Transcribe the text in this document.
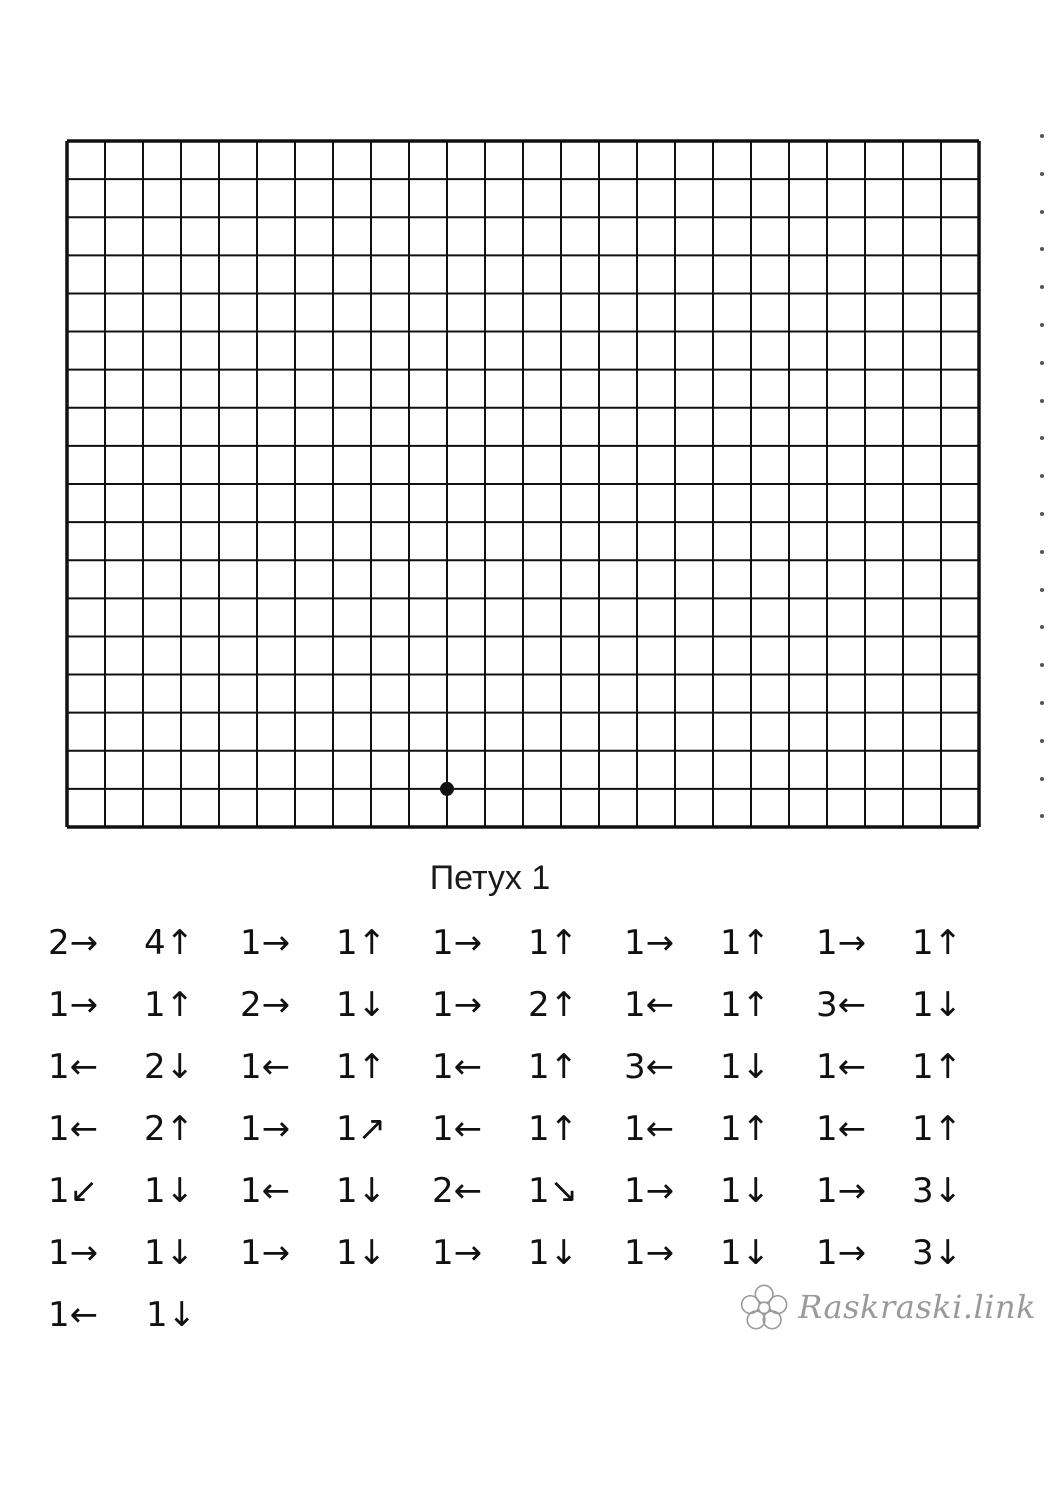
Петух 1
2→	4↑	1→	1↑	1→	1↑	1→	1↑	1→	1↑
1→	1↑	2→	1↓	1→	2↑	1←	1↑	3←	1↓
1←	2↓	1←	1↑	1←	1↑	3←	1↓	1←	1↑
1←	2↑	1→	1↗	1←	1↑	1←	1↑	1←	1↑
1↙	1↓	1←	1↓	2←	1↘	1→	1↓	1→	3↓
1→	1↓	1→	1↓	1→	1↓	1→	1↓	1→	3↓
1←	1↓	Raskraski.link
